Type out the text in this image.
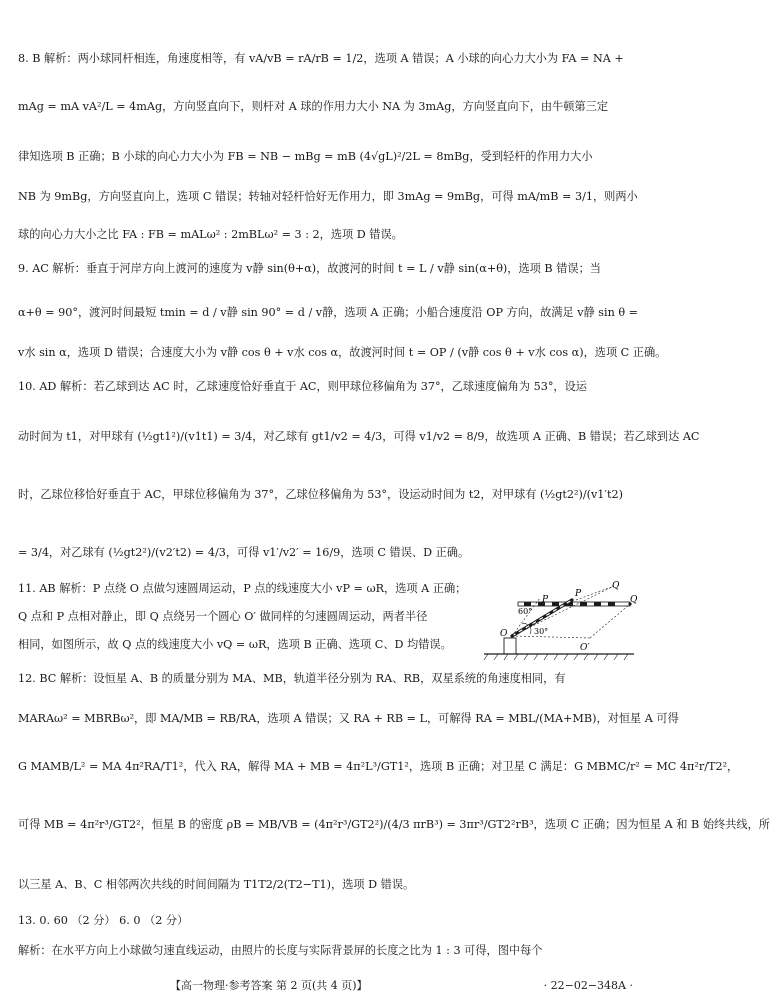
8. B 解析：两小球同杆相连，角速度相等，有 vA/vB = rA/rB = 1/2，选项 A 错误；A 小球的向心力大小为 FA = NA +
mAg = mA vA²/L = 4mAg，方向竖直向下，则杆对 A 球的作用力大小 NA 为 3mAg，方向竖直向下，由牛顿第三定
律知选项 B 正确；B 小球的向心力大小为 FB = NB − mBg = mB (4√gL)²/2L = 8mBg，受到轻杆的作用力大小
NB 为 9mBg，方向竖直向上，选项 C 错误；转轴对轻杆恰好无作用力，即 3mAg = 9mBg，可得 mA/mB = 3/1，则两小
球的向心力大小之比 FA : FB = mALω² : 2mBLω² = 3 : 2，选项 D 错误。
9. AC 解析：垂直于河岸方向上渡河的速度为 v静 sin(θ+α)，故渡河的时间 t = L / v静 sin(α+θ)，选项 B 错误；当
α+θ = 90°，渡河时间最短 tmin = d / v静 sin 90° = d / v静，选项 A 正确；小船合速度沿 OP 方向，故满足 v静 sin θ =
v水 sin α，选项 D 错误；合速度大小为 v静 cos θ + v水 cos α，故渡河时间 t = OP / (v静 cos θ + v水 cos α)，选项 C 正确。
10. AD 解析：若乙球到达 AC 时，乙球速度恰好垂直于 AC，则甲球位移偏角为 37°，乙球速度偏角为 53°，设运
动时间为 t1，对甲球有 (½gt1²)/(v1t1) = 3/4，对乙球有 gt1/v2 = 4/3，可得 v1/v2 = 8/9，故选项 A 正确、B 错误；若乙球到达 AC
时，乙球位移恰好垂直于 AC，甲球位移偏角为 37°，乙球位移偏角为 53°，设运动时间为 t2，对甲球有 (½gt2²)/(v1′t2)
= 3/4，对乙球有 (½gt2²)/(v2′t2) = 4/3，可得 v1′/v2′ = 16/9，选项 C 错误、D 正确。
11. AB 解析：P 点绕 O 点做匀速圆周运动，P 点的线速度大小 vP = ωR，选项 A 正确；
Q 点和 P 点相对静止，即 Q 点绕另一个圆心 O′ 做同样的匀速圆周运动，两者半径
相同，如图所示，故 Q 点的线速度大小 vQ = ωR，选项 B 正确、选项 C、D 均错误。
Q
Q
P
P
60°
30°
O
O′
12. BC 解析：设恒星 A、B 的质量分别为 MA、MB，轨道半径分别为 RA、RB，双星系统的角速度相同，有
MARAω² = MBRBω²，即 MA/MB = RB/RA，选项 A 错误；又 RA + RB = L，可解得 RA = MBL/(MA+MB)，对恒星 A 可得
G MAMB/L² = MA 4π²RA/T1²，代入 RA，解得 MA + MB = 4π²L³/GT1²，选项 B 正确；对卫星 C 满足：G MBMC/r² = MC 4π²r/T2²，
可得 MB = 4π²r³/GT2²，恒星 B 的密度 ρB = MB/VB = (4π²r³/GT2²)/(4/3 πrB³) = 3πr³/GT2²rB³，选项 C 正确；因为恒星 A 和 B 始终共线，所
以三星 A、B、C 相邻两次共线的时间间隔为 T1T2/2(T2−T1)，选项 D 错误。
13. 0. 60 （2 分） 6. 0 （2 分）
解析：在水平方向上小球做匀速直线运动，由照片的长度与实际背景屏的长度之比为 1 : 3 可得，图中每个
【高一物理·参考答案 第 2 页(共 4 页)】	· 22−02−348A ·
